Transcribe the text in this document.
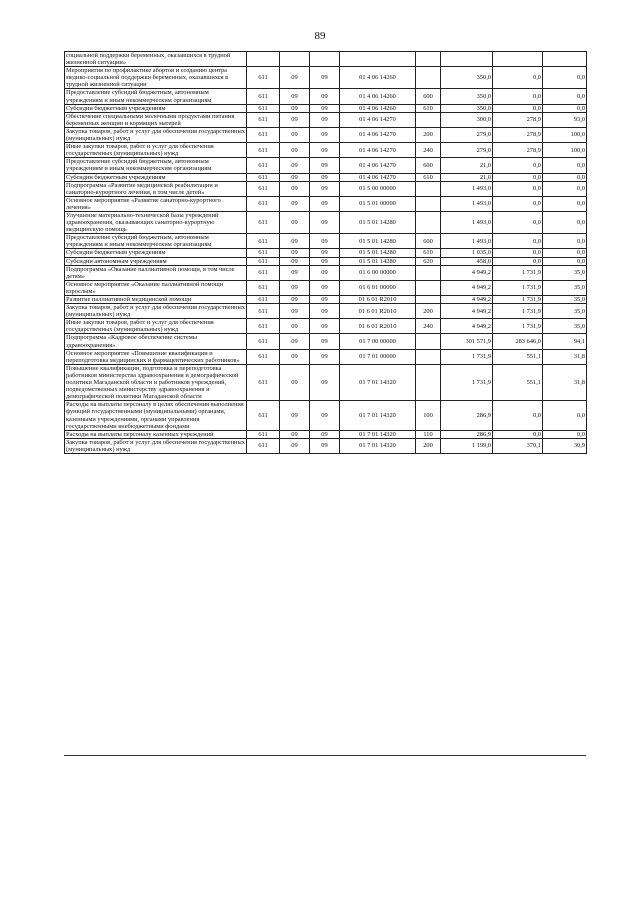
89
социальной поддержки беременных, оказавшихся в трудной жизненной ситуации»								
Мероприятия по профилактике абортов и созданию центра медико-социальной поддержки беременных, оказавшихся в трудной жизненной ситуации	611	09	09	01 4 06 14260		350,0	0,0	0,0
Предоставление субсидий бюджетным, автономным учреждениям и иным некоммерческим организациям	611	09	09	01 4 06 14260	600	350,0	0,0	0,0
Субсидии бюджетным учреждениям	611	09	09	01 4 06 14260	610	350,0	0,0	0,0
Обеспечение специальными молочными продуктами питания беременных женщин и кормящих матерей	611	09	09	01 4 06 14270		300,0	278,9	93,0
Закупка товаров, работ и услуг для обеспечения государственных (муниципальных) нужд	611	09	09	01 4 06 14270	200	279,0	278,9	100,0
Иные закупки товаров, работ и услуг для обеспечения государственных (муниципальных) нужд	611	09	09	01 4 06 14270	240	279,0	278,9	100,0
Предоставление субсидий бюджетным, автономным учреждениям и иным некоммерческим организациям	611	09	09	01 4 06 14270	600	21,0	0,0	0,0
Субсидии бюджетным учреждениям	611	09	09	01 4 06 14270	610	21,0	0,0	0,0
Подпрограмма «Развитие медицинской реабилитации и санаторно-курортного лечения, в том числе детей»	611	09	09	01 5 00 00000		1 493,0	0,0	0,0
Основное мероприятие «Развитие санаторно-курортного лечения»	611	09	09	01 5 01 00000		1 493,0	0,0	0,0
Улучшение материально-технической базы учреждений здравоохранения, оказывающих санаторно-курортную медицинскую помощь	611	09	09	01 5 01 14280		1 493,0	0,0	0,0
Предоставление субсидий бюджетным, автономным учреждениям и иным некоммерческим организациям	611	09	09	01 5 01 14280	600	1 493,0	0,0	0,0
Субсидии бюджетным учреждениям	611	09	09	01 5 01 14280	610	1 035,0	0,0	0,0
Субсидии автономным учреждениям	611	09	09	01 5 01 14280	620	458,0	0,0	0,0
Подпрограмма «Оказание паллиативной помощи, в том числе детям»	611	09	09	01 6 00 00000		4 949,2	1 731,9	35,0
Основное мероприятие «Оказание паллиативной помощи взрослым»	611	09	09	01 6 01 00000		4 949,2	1 731,9	35,0
Развитие паллиативной медицинской помощи	611	09	09	01 6 01 R2010		4 949,2	1 731,9	35,0
Закупка товаров, работ и услуг для обеспечения государственных (муниципальных) нужд	611	09	09	01 6 01 R2010	200	4 949,2	1 731,9	35,0
Иные закупки товаров, работ и услуг для обеспечения государственных (муниципальных) нужд	611	09	09	01 6 01 R2010	240	4 949,2	1 731,9	35,0
Подпрограмма «Кадровое обеспечение системы здравоохранения»	611	09	09	01 7 00 00000		301 571,9	283 646,0	94,1
Основное мероприятие «Повышение квалификации и переподготовка медицинских и фармацевтических работников»	611	09	09	01 7 01 00000		1 731,9	551,1	31,8
Повышение квалификации, подготовка и переподготовка работников министерства здравоохранения и демографической политики Магаданской области и работников учреждений, подведомственных министерству здравоохранения и демографической политики Магаданской области	611	09	09	01 7 01 14320		1 731,9	551,1	31,8
Расходы на выплаты персоналу в целях обеспечения выполнения функций государственными (муниципальными) органами, казенными учреждениями, органами управления государственными внебюджетными фондами	611	09	09	01 7 01 14320	100	286,9	0,0	0,0
Расходы на выплаты персоналу казенных учреждений	611	09	09	01 7 01 14320	110	286,9	0,0	0,0
Закупка товаров, работ и услуг для обеспечения государственных (муниципальных) нужд	611	09	09	01 7 01 14320	200	1 199,0	370,1	30,9
